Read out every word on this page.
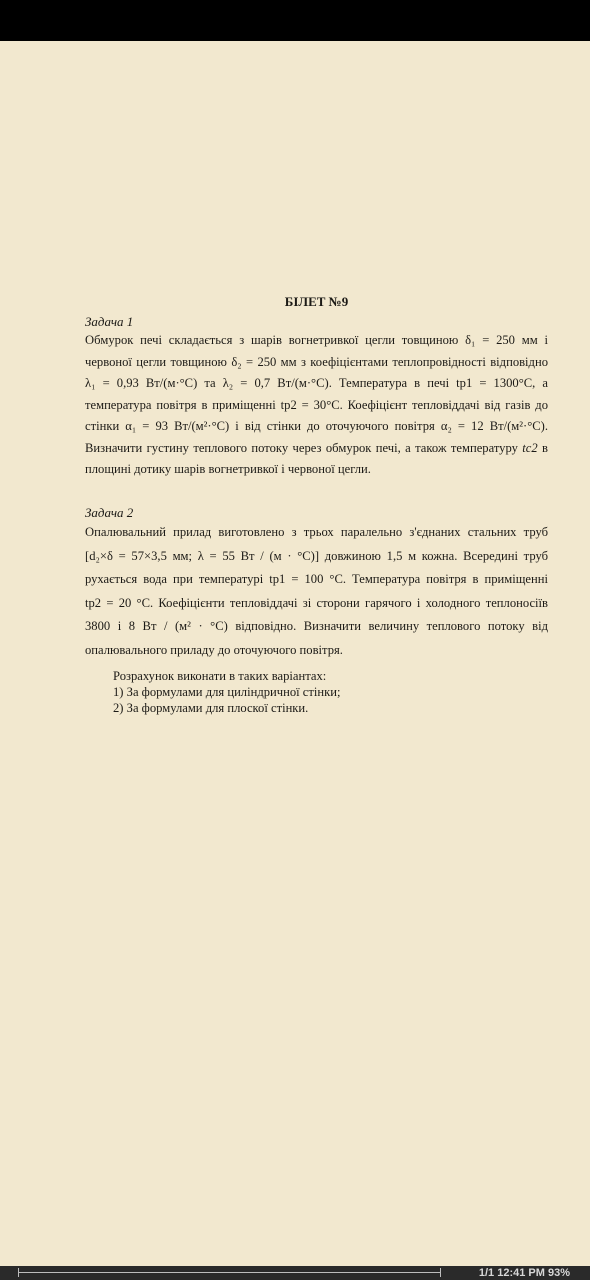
БІЛЕТ №9
Задача 1

Обмурок печі складається з шарів вогнетривкої цегли товщиною δ₁ = 250 мм і червоної цегли товщиною δ₂ = 250 мм з коефіцієнтами теплопровідності відповідно λ₁ = 0,93 Вт/(м·°С) та λ₂ = 0,7 Вт/(м·°С). Температура в печі tр1 = 1300°С, а температура повітря в приміщенні tр2 = 30°С. Коефіцієнт тепловіддачі від газів до стінки α₁ = 93 Вт/(м²·°С) і від стінки до оточуючого повітря α₂ = 12 Вт/(м²·°С). Визначити густину теплового потоку через обмурок печі, а також температуру tс2 в площині дотику шарів вогнетривкої і червоної цегли.

Задача 2

Опалювальний прилад виготовлено з трьох паралельно з'єднаних стальних труб [d₂×δ = 57×3,5 мм; λ = 55 Вт / (м · °С)] довжиною 1,5 м кожна. Всередині труб рухається вода при температурі tр1 = 100 °С. Температура повітря в приміщенні tр2 = 20 °С. Коефіцієнти тепловіддачі зі сторони гарячого і холодного теплоносіїв 3800 і 8 Вт / (м² · °С) відповідно. Визначити величину теплового потоку від опалювального приладу до оточуючого повітря.

Розрахунок виконати в таких варіантах:
1) За формулами для циліндричної стінки;
2) За формулами для плоскої стінки.
1/1 12:41 PM 93%
